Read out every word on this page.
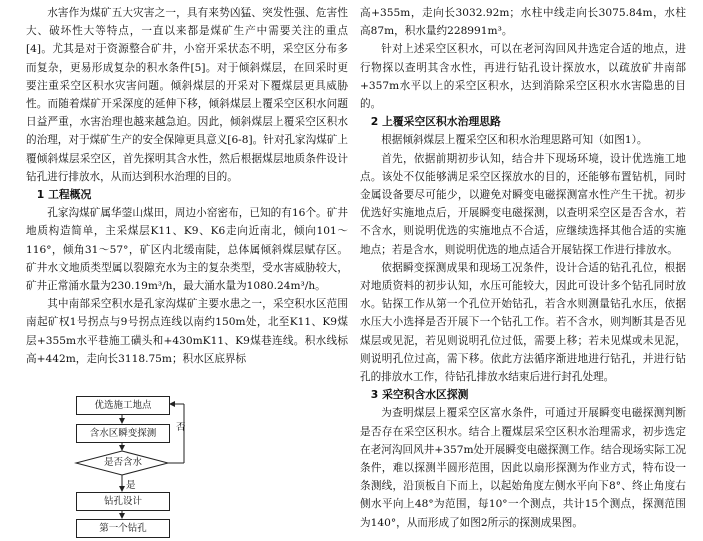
水害作为煤矿五大灾害之一，具有来势凶猛、突发性强、危害性大、破坏性大等特点，一直以来都是煤矿生产中需要关注的重点[4]。尤其是对于资源整合矿井，小窑开采状态不明，采空区分布多而复杂，更易形成复杂的积水条件[5]。对于倾斜煤层，在回采时更要注重采空区积水灾害问题。倾斜煤层的开采对下覆煤层更具威胁性。而随着煤矿开采深度的延伸下移，倾斜煤层上覆采空区积水问题日益严重，水害治理也越来越急迫。因此，倾斜煤层上覆采空区积水的治理，对于煤矿生产的安全保障更具意义[6-8]。针对孔家沟煤矿上覆倾斜煤层采空区，首先探明其含水性，然后根据煤层地质条件设计钻孔进行排放水，从而达到积水治理的目的。

1 工程概况

孔家沟煤矿属华蓥山煤田，周边小窑密布，已知的有16个。矿井地质构造简单，主采煤层K11、K9、K6走向近南北，倾向101～116°，倾角31～57°，矿区内北缓南陡，总体属倾斜煤层赋存区。矿井水文地质类型属以裂隙充水为主的复杂类型，受水害威胁较大，矿井正常涌水量为230.19m³/h，最大涌水量为1080.24m³/h。

其中南部采空积水是孔家沟煤矿主要水患之一，采空积水区范围南起矿权1号拐点与9号拐点连线以南约150m处，北至K11、K9煤层+355m水平巷施工磺头和+430mK11、K9煤巷连线。积水线标高+442m，走向长3118.75m；积水区底界标

优选施工地点
含水区瞬变探测
是否含水
是
否
钻孔设计
第一个钻孔

高+355m，走向长3032.92m；水柱中线走向长3075.84m，水柱高87m，积水量约228991m³。

针对上述采空区积水，可以在老河沟回风井选定合适的地点，进行物探以查明其含水性，再进行钻孔设计探放水，以疏放矿井南部+357m水平以上的采空区积水，达到消除采空区积水水害隐患的目的。

2 上覆采空区积水治理思路

根据倾斜煤层上覆采空区和积水治理思路可知（如图1）。

首先，依据前期初步认知，结合井下现场环境，设计优选施工地点。该处不仅能够满足采空区探放水的目的，还能够布置钻机，同时金属设备要尽可能少，以避免对瞬变电磁探测富水性产生干扰。初步优选好实施地点后，开展瞬变电磁探测，以查明采空区是否含水，若不含水，则说明优选的实施地点不合适，应继续选择其他合适的实施地点；若是含水，则说明优选的地点适合开展钻探工作进行排放水。

依据瞬变探测成果和现场工况条件，设计合适的钻孔孔位，根据对地质资料的初步认知，水压可能较大，因此可设计多个钻孔同时放水。钻探工作从第一个孔位开始钻孔，若含水则测量钻孔水压，依据水压大小选择是否开展下一个钻孔工作。若不含水，则判断其是否见煤层或见泥，若见则说明孔位过低，需要上移；若未见煤或未见泥，则说明孔位过高，需下移。依此方法循序渐进地进行钻孔，并进行钻孔的排放水工作，待钻孔排放水结束后进行封孔处理。

3 采空积含水区探测

为查明煤层上覆采空区富水条件，可通过开展瞬变电磁探测判断是否存在采空区积水。结合上覆煤层采空区积水治理需求，初步选定在老河沟回风井+357m处开展瞬变电磁探测工作。结合现场实际工况条件，难以探测半圆形范围，因此以扇形探测为作业方式，特布设一条测线，沿顶板自下而上，以起始角度左侧水平向下8°、终止角度右侧水平向上48°为范围，每10°一个测点，共计15个测点，探测范围为140°，从而形成了如图2所示的探测成果图。
